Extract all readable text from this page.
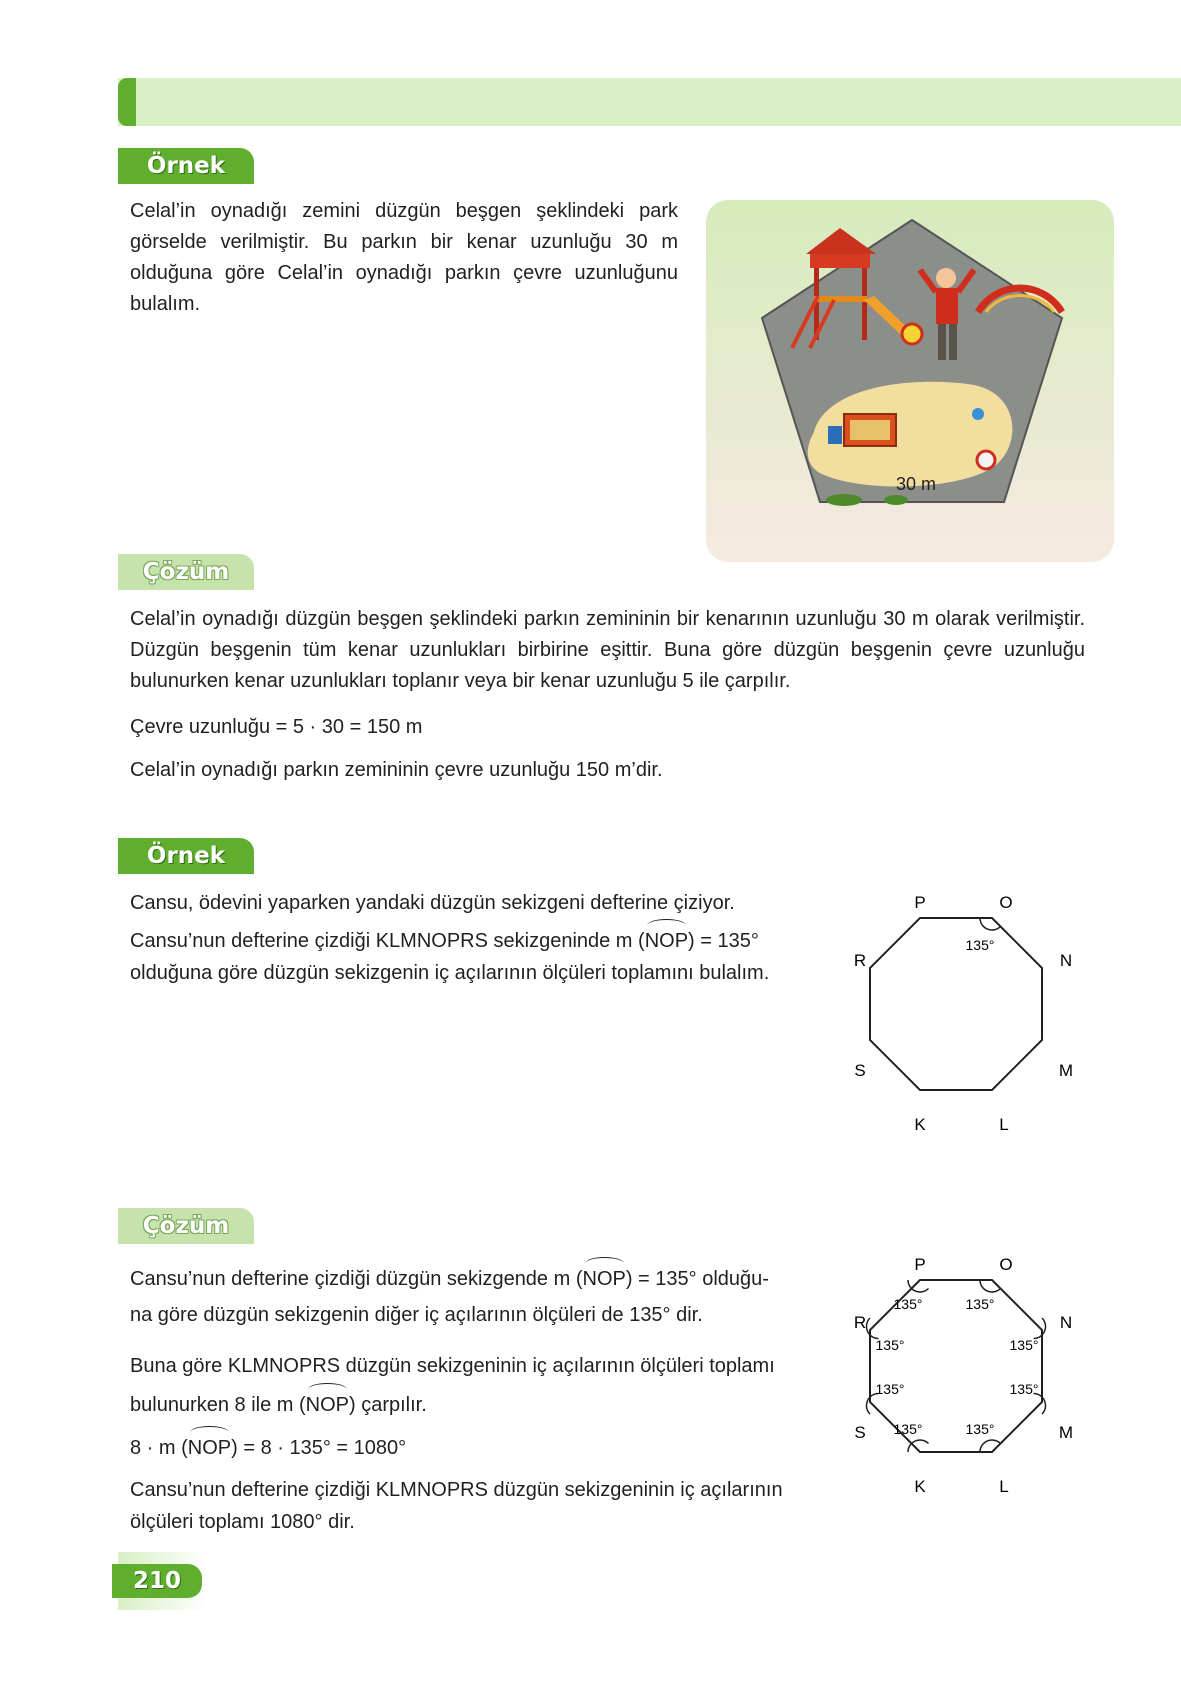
Örnek

Celal’in oynadığı zemini düzgün beşgen şeklindeki park görselde verilmiştir. Bu parkın bir kenar uzunluğu 30 m olduğuna göre Celal’in oynadığı parkın çevre uzunluğunu bulalım.

30 m
Çözüm

Celal’in oynadığı düzgün beşgen şeklindeki parkın zemininin bir kenarının uzunluğu 30 m olarak verilmiştir. Düzgün beşgenin tüm kenar uzunlukları birbirine eşittir. Buna göre düzgün beşgenin çevre uzunluğu bulunurken kenar uzunlukları toplanır veya bir kenar uzunluğu 5 ile çarpılır.

Çevre uzunluğu = 5 · 30 = 150 m

Celal’in oynadığı parkın zemininin çevre uzunluğu 150 m’dir.

Örnek

Cansu, ödevini yaparken yandaki düzgün sekizgeni defterine çiziyor.

Cansu’nun defterine çizdiği KLMNOPRS sekizgeninde m (NOP) = 135°

olduğuna göre düzgün sekizgenin iç açılarının ölçüleri toplamını bulalım.

135°
P	O
N
M
L
K
S
R
Çözüm

Cansu’nun defterine çizdiği düzgün sekizgende m (NOP) = 135° olduğu-

na göre düzgün sekizgenin diğer iç açılarının ölçüleri de 135° dir.

Buna göre KLMNOPRS düzgün sekizgeninin iç açılarının ölçüleri toplamı

bulunurken 8 ile m (NOP) çarpılır.

8 · m (NOP) = 8 · 135° = 1080°

Cansu’nun defterine çizdiği KLMNOPRS düzgün sekizgeninin iç açılarının

ölçüleri toplamı 1080° dir.

135°	135°
135°
135°
135°
135°
135°
135°
P	O
N
M
L
K
S
R
210
